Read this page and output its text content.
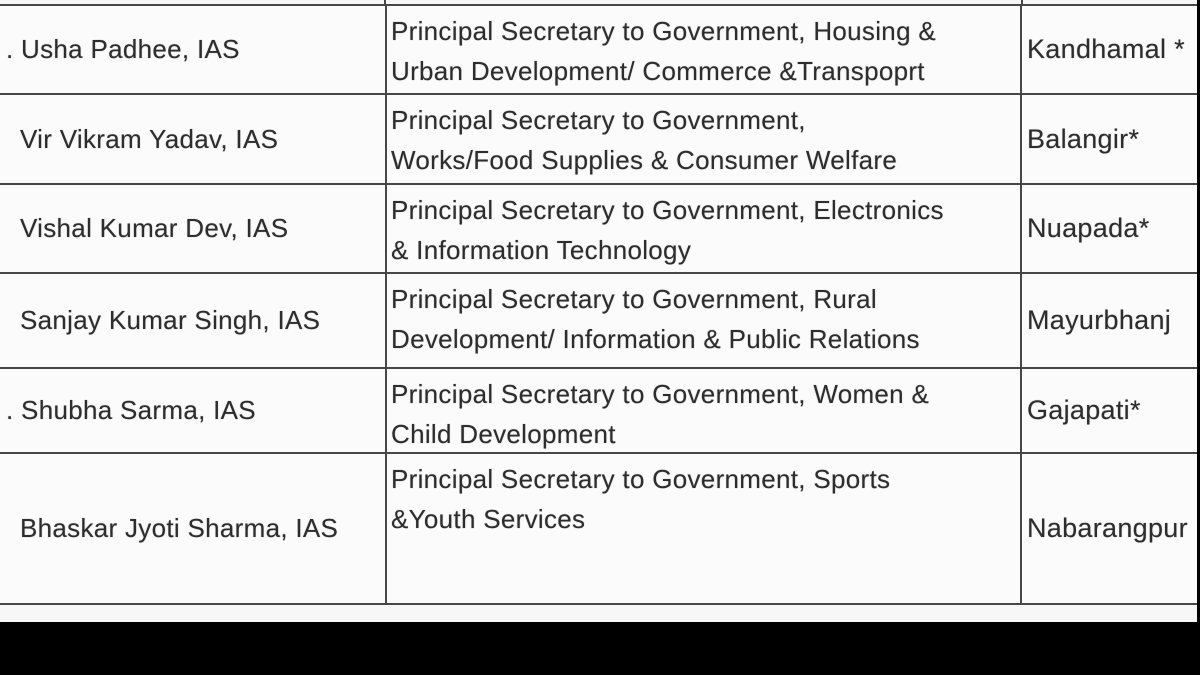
. Usha Padhee, IAS
Principal Secretary to Government, Housing &
Urban Development/ Commerce &Transpoprt
Kandhamal *
Vir Vikram Yadav, IAS
Principal Secretary to Government,
Works/Food Supplies & Consumer Welfare
Balangir*
Vishal Kumar Dev, IAS
Principal Secretary to Government, Electronics
& Information Technology
Nuapada*
Sanjay Kumar Singh, IAS
Principal Secretary to Government, Rural
Development/ Information & Public Relations
Mayurbhanj
. Shubha Sarma, IAS
Principal Secretary to Government, Women &
Child Development
Gajapati*
Bhaskar Jyoti Sharma, IAS
Principal Secretary to Government, Sports
&Youth Services	Nabarangpur
